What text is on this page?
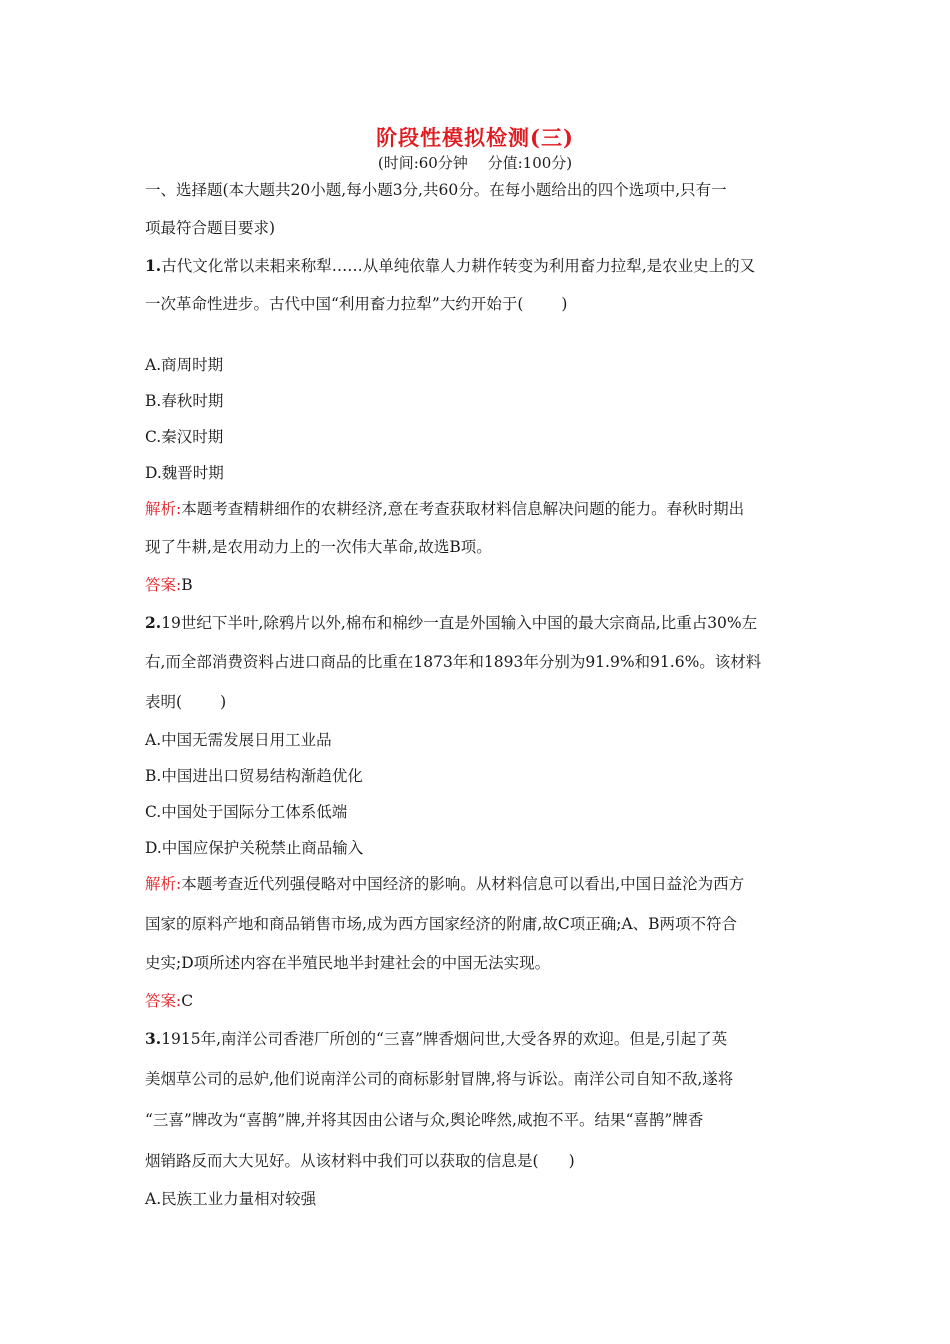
阶段性模拟检测(三)
(时间:60分钟　 分值:100分)
一、选择题(本大题共20小题,每小题3分,共60分。在每小题给出的四个选项中,只有一
项最符合题目要求)
1.古代文化常以耒耜来称犁……从单纯依靠人力耕作转变为利用畜力拉犁,是农业史上的又
一次革命性进步。古代中国“利用畜力拉犁”大约开始于( )
A.商周时期
B.春秋时期
C.秦汉时期
D.魏晋时期
解析:本题考查精耕细作的农耕经济,意在考查获取材料信息解决问题的能力。春秋时期出
现了牛耕,是农用动力上的一次伟大革命,故选B项。
答案:B
2.19世纪下半叶,除鸦片以外,棉布和棉纱一直是外国输入中国的最大宗商品,比重占30%左
右,而全部消费资料占进口商品的比重在1873年和1893年分别为91.9%和91.6%。该材料
表明( )
A.中国无需发展日用工业品
B.中国进出口贸易结构渐趋优化
C.中国处于国际分工体系低端
D.中国应保护关税禁止商品输入
解析:本题考查近代列强侵略对中国经济的影响。从材料信息可以看出,中国日益沦为西方
国家的原料产地和商品销售市场,成为西方国家经济的附庸,故C项正确;A、B两项不符合
史实;D项所述内容在半殖民地半封建社会的中国无法实现。
答案:C
3.1915年,南洋公司香港厂所创的“三喜”牌香烟问世,大受各界的欢迎。但是,引起了英
美烟草公司的忌妒,他们说南洋公司的商标影射冒牌,将与诉讼。南洋公司自知不敌,遂将
“三喜”牌改为“喜鹊”牌,并将其因由公诸与众,舆论哗然,咸抱不平。结果“喜鹊”牌香
烟销路反而大大见好。从该材料中我们可以获取的信息是( )
A.民族工业力量相对较强
